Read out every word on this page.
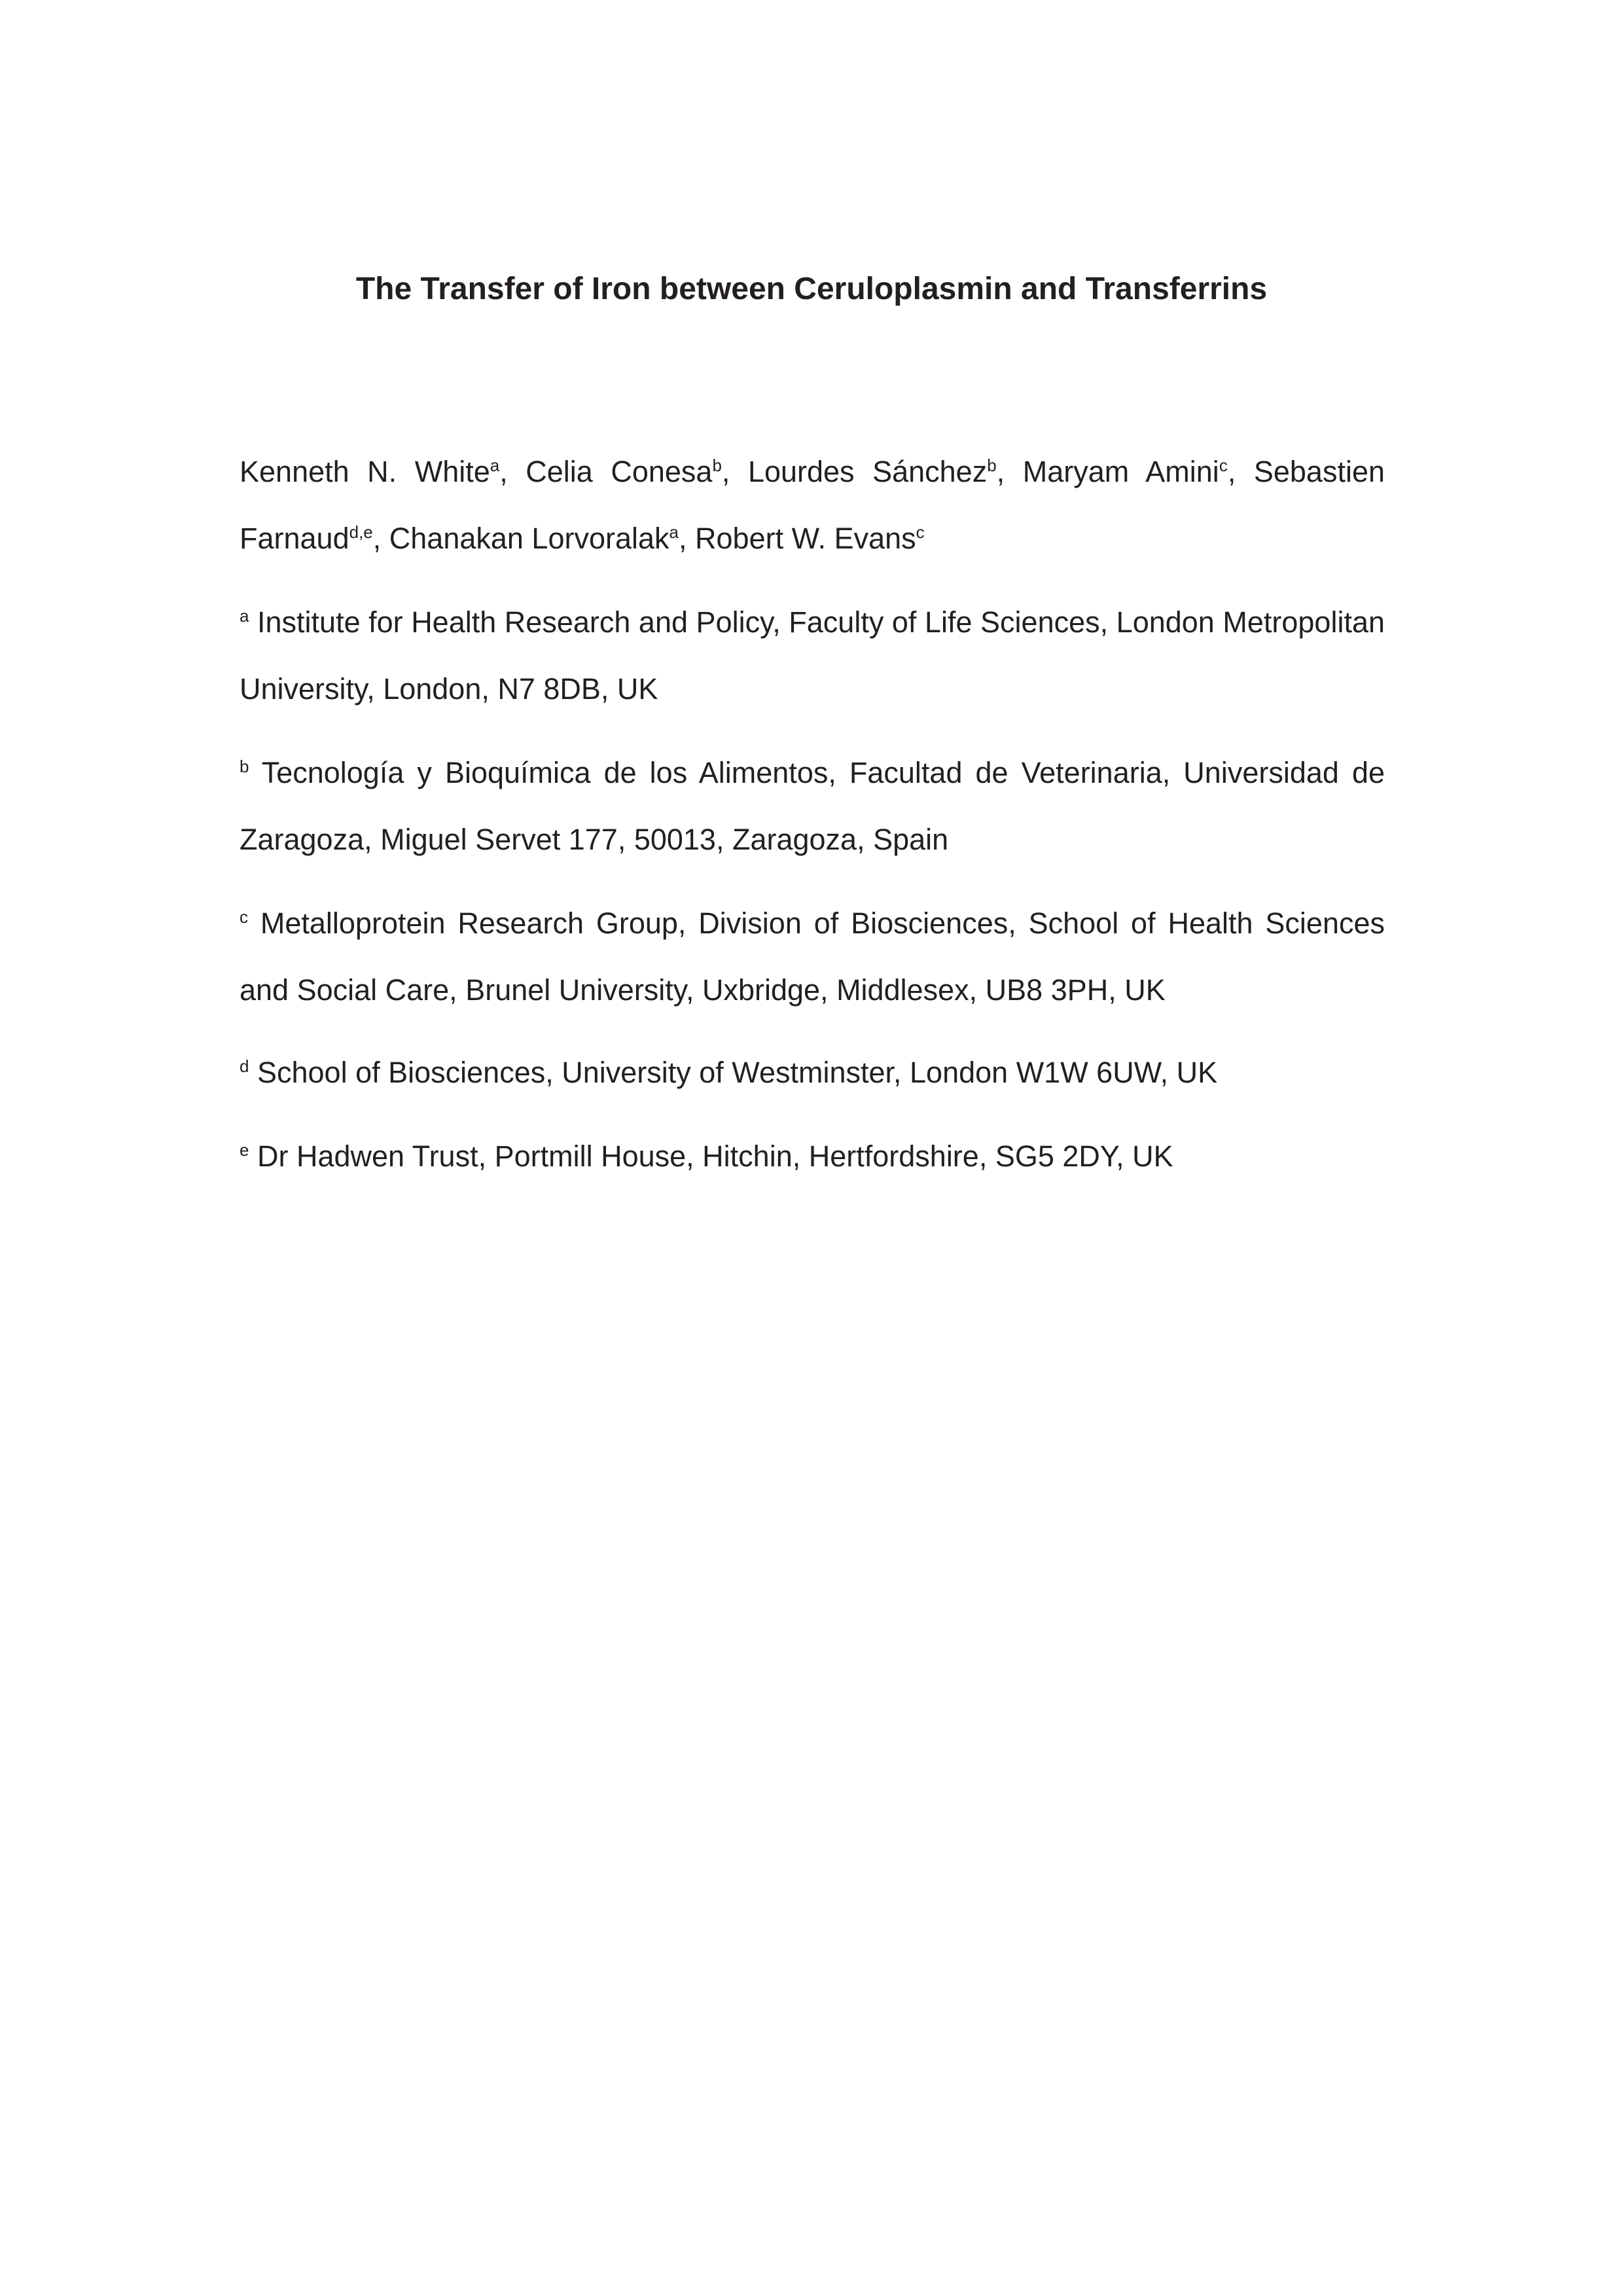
The Transfer of Iron between Ceruloplasmin and Transferrins
Kenneth N. White$^a$, Celia Conesa$^b$, Lourdes Sánchez$^b$, Maryam Amini$^c$, Sebastien
Farnaud$^{d,e}$, Chanakan Lorvoralak$^a$, Robert W. Evans$^c$
$^a$ Institute for Health Research and Policy, Faculty of Life Sciences, London Metropolitan
University, London, N7 8DB, UK
$^b$ Tecnología y Bioquímica de los Alimentos, Facultad de Veterinaria, Universidad de
Zaragoza, Miguel Servet 177, 50013, Zaragoza, Spain
$^c$ Metalloprotein Research Group, Division of Biosciences, School of Health Sciences
and Social Care, Brunel University, Uxbridge, Middlesex, UB8 3PH, UK
$^d$ School of Biosciences, University of Westminster, London W1W 6UW, UK
$^e$ Dr Hadwen Trust, Portmill House, Hitchin, Hertfordshire, SG5 2DY, UK
